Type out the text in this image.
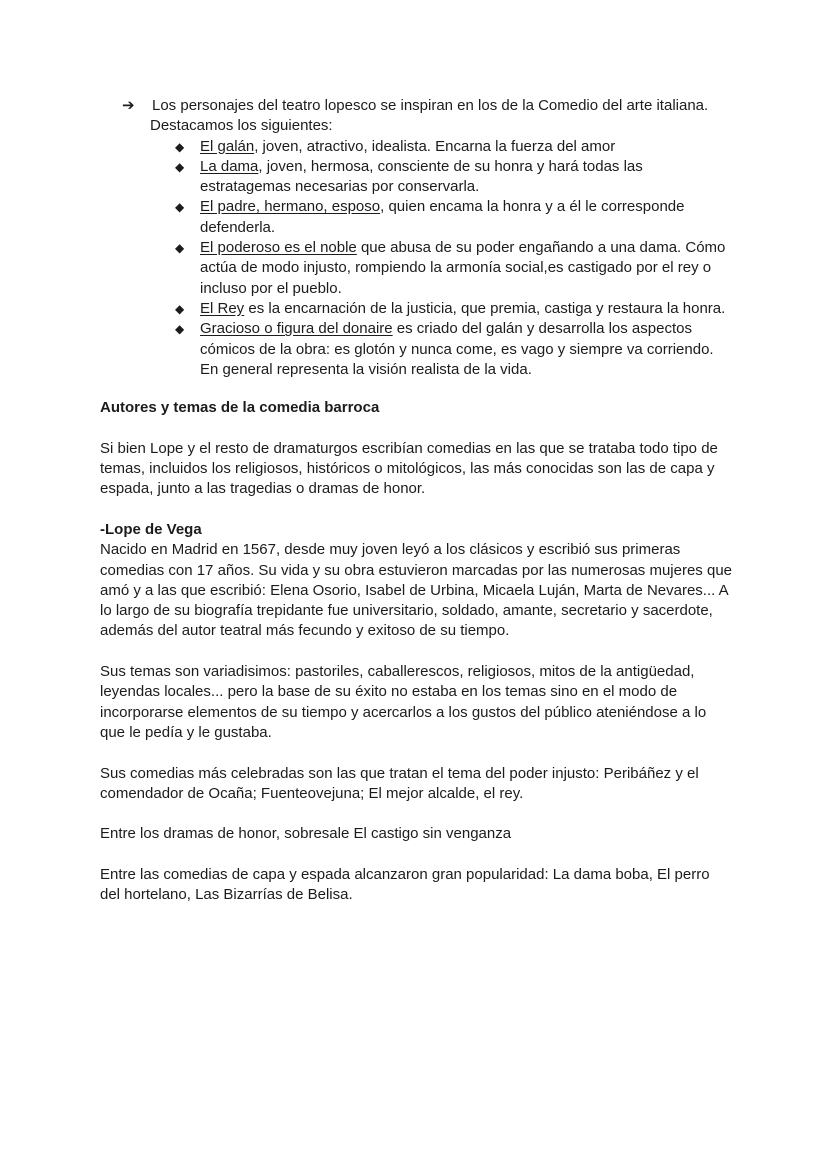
➔ Los personajes del teatro lopesco se inspiran en los de la Comedio del arte italiana.

Destacamos los siguientes:
◆ El galán, joven, atractivo, idealista. Encarna la fuerza del amor
◆ La dama, joven, hermosa, consciente de su honra y hará todas las estratagemas necesarias por conservarla.
◆ El padre, hermano, esposo, quien encama la honra y a él le corresponde defenderla.
◆ El poderoso es el noble que abusa de su poder engañando a una dama. Cómo actúa de modo injusto, rompiendo la armonía social,es castigado por el rey o incluso por el pueblo.
◆ El Rey es la encarnación de la justicia, que premia, castiga y restaura la honra.
◆ Gracioso o figura del donaire es criado del galán y desarrolla los aspectos cómicos de la obra: es glotón y nunca come, es vago y siempre va corriendo. En general representa la visión realista de la vida.
Autores y temas de la comedia barroca

Si bien Lope y el resto de dramaturgos escribían comedias en las que se trataba todo tipo de temas, incluidos los religiosos, históricos o mitológicos, las más conocidas son las de capa y espada, junto a las tragedias o dramas de honor.

-Lope de Vega

Nacido en Madrid en 1567, desde muy joven leyó a los clásicos y escribió sus primeras comedias con 17 años. Su vida y su obra estuvieron marcadas por las numerosas mujeres que amó y a las que escribió: Elena Osorio, Isabel de Urbina, Micaela Luján, Marta de Nevares... A lo largo de su biografía trepidante fue universitario, soldado, amante, secretario y sacerdote, además del autor teatral más fecundo y exitoso de su tiempo.

Sus temas son variadisimos: pastoriles, caballerescos, religiosos, mitos de la antigüedad, leyendas locales... pero la base de su éxito no estaba en los temas sino en el modo de incorporarse elementos de su tiempo y acercarlos a los gustos del público ateniéndose a lo que le pedía y le gustaba.

Sus comedias más celebradas son las que tratan el tema del poder injusto: Peribáñez y el comendador de Ocaña; Fuenteovejuna; El mejor alcalde, el rey.

Entre los dramas de honor, sobresale El castigo sin venganza

Entre las comedias de capa y espada alcanzaron gran popularidad: La dama boba, El perro del hortelano, Las Bizarrías de Belisa.
